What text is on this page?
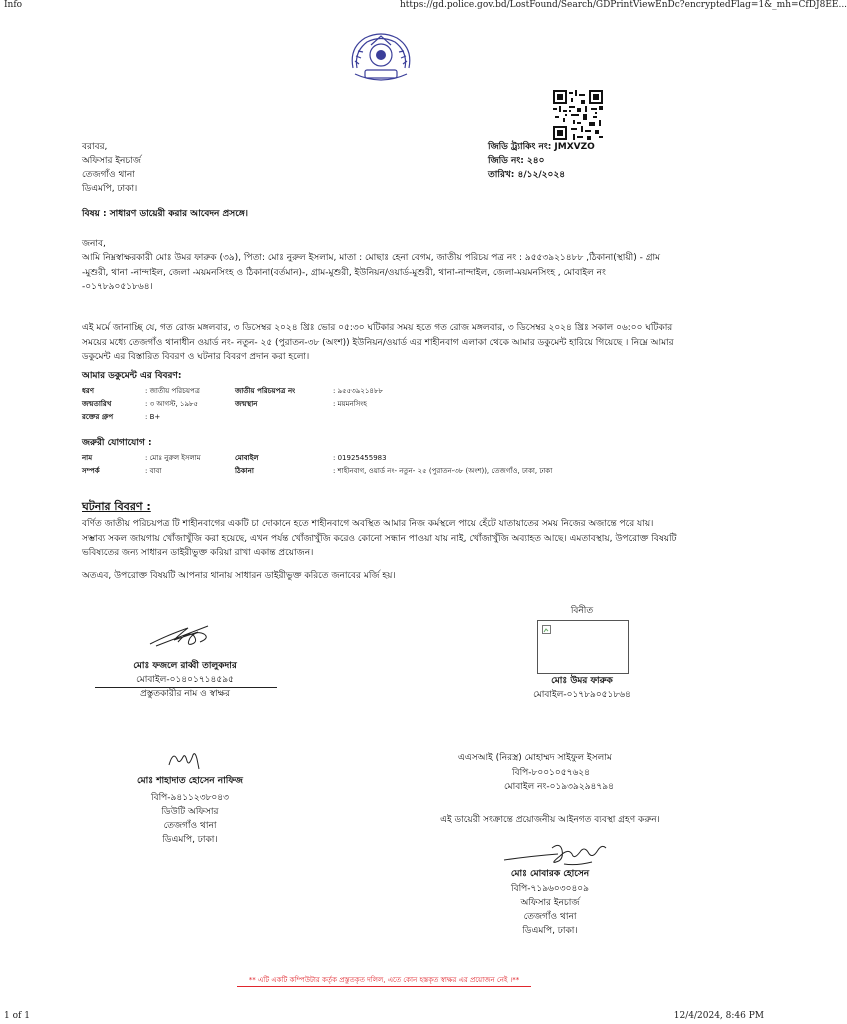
Info	https://gd.police.gov.bd/LostFound/Search/GDPrintViewEnDc?encryptedFlag=1&_mh=CfDJ8EE...
জিডি ট্র্যাকিং নং: JMXVZO
জিডি নং: ২৪০
তারিখ: ৪/১২/২০২৪
বরাবর,
অফিসার ইনচার্জ
তেজগাঁও থানা
ডিএমপি, ঢাকা।
বিষয় : সাধারণ ডায়েরী করার আবেদন প্রসঙ্গে।
জনাব,
আমি নিম্নস্বাক্ষরকারী মোঃ উমর ফারুক (৩৯), পিতা: মোঃ নুরুল ইসলাম, মাতা : মোছাঃ হেনা বেগম, জাতীয় পরিচয় পত্র নং : ৯৫৫৩৯২১৪৮৮ ,ঠিকানা(স্থায়ী) - গ্রাম -মুশুরী, থানা -নান্দাইল, জেলা -ময়মনসিংহ ও ঠিকানা(বর্তমান)-, গ্রাম-মুশুরী, ইউনিয়ন/ওয়ার্ড-মুশুরী, থানা-নান্দাইল, জেলা-ময়মনসিংহ , মোবাইল নং -০১৭৮৯০৫১৮৬৪।
এই মর্মে জানাচ্ছি যে, গত রোজ মঙ্গলবার, ৩ ডিসেম্বর ২০২৪ খ্রিঃ ভোর ০৫:৩০ ঘটিকার সময় হতে গত রোজ মঙ্গলবার, ৩ ডিসেম্বর ২০২৪ খ্রিঃ সকাল ০৬:০০ ঘটিকার সময়ের মধ্যে তেজগাঁও থানাধীন ওয়ার্ড নং- নতুন- ২৫ (পুরাতন-৩৮ (অংশ)) ইউনিয়ন/ওয়ার্ড এর শাহীনবাগ এলাকা থেকে আমার ডকুমেন্ট হারিয়ে গিয়েছে । নিম্নে আমার ডকুমেন্ট এর বিস্তারিত বিবরণ ও ঘটনার বিবরণ প্রদান করা হলো।
আমার ডকুমেন্ট এর বিবরণ:
ধরণ	: জাতীয় পরিচয়পত্র	জাতীয় পরিচয়পত্র নং	: ৯৫৫৩৯২১৪৮৮
জন্মতারিখ	: ৩ আগস্ট, ১৯৮৫	জন্মস্থান	: ময়মনসিংহ
রক্তের গ্রুপ	: B+
জরুরী যোগাযোগ :
নাম	: মোঃ নুরুল ইসলাম	মোবাইল	: 01925455983
সম্পর্ক	: বাবা	ঠিকানা	: শাহীনবাগ, ওয়ার্ড নং- নতুন- ২৫ (পুরাতন-৩৮ (অংশ)), তেজগাঁও, ঢাকা, ঢাকা
ঘটনার বিবরণ :
বর্ণিত জাতীয় পরিচয়পত্র টি শাহীনবাগের একটি চা দোকানে হতে শাহীনবাগে অবস্থিত আমার নিজ কর্মস্থলে পায়ে হেঁটে যাতায়াতের সময় নিজের অজান্তে পরে যায়। সম্ভাব্য সকল জায়গায় খোঁজাখুঁজি করা হয়েছে, এখন পর্যন্ত খোঁজাখুঁজি করেও কোনো সন্ধান পাওয়া যায় নাই, খোঁজাখুঁজি অব্যাহত আছে। এমতাবস্থায়, উপরোক্ত বিষয়টি ভবিষ্যতের জন্য সাধারন ডাইরীভুক্ত করিয়া রাখা একান্ত প্রয়োজন।
অতএব, উপরোক্ত বিষয়টি আপনার থানায় সাধারন ডাইরীভুক্ত করিতে জনাবের মর্জি হয়।
মোঃ ফজলে রাব্বী তালুকদার
মোবাইল-০১৪০১৭১৪৫৯৫
প্রস্তুতকারীর নাম ও স্বাক্ষর
বিনীত
মোঃ উমর ফারুক
মোবাইল-০১৭৮৯০৫১৮৬৪
মোঃ শাহাদাত হোসেন নাফিজ
বিপি-৯৪১১২৩৮০৪৩
ডিউটি অফিসার
তেজগাঁও থানা
ডিএমপি, ঢাকা।
এএসআই (নিরস্ত্র) মোহাম্মদ সাইফুল ইসলাম
বিপি-৮০০১০৫৭৬২৪
মোবাইল নং-০১৯৩৯২৯৪৭৯৪
এই ডায়েরী সংক্রান্তে প্রয়োজনীয় আইনগত ব্যবস্থা গ্রহণ করুন।
মোঃ মোবারক হোসেন
বিপি-৭১৯৬০৩০৪০৯
অফিসার ইনচার্জ
তেজগাঁও থানা
ডিএমপি, ঢাকা।
** এটি একটি কম্পিউটার কর্তৃক প্রস্তুতকৃত দলিল, এতে কোন হস্তকৃত স্বাক্ষর এর প্রয়োজন নেই ।**
1 of 1	12/4/2024, 8:46 PM
